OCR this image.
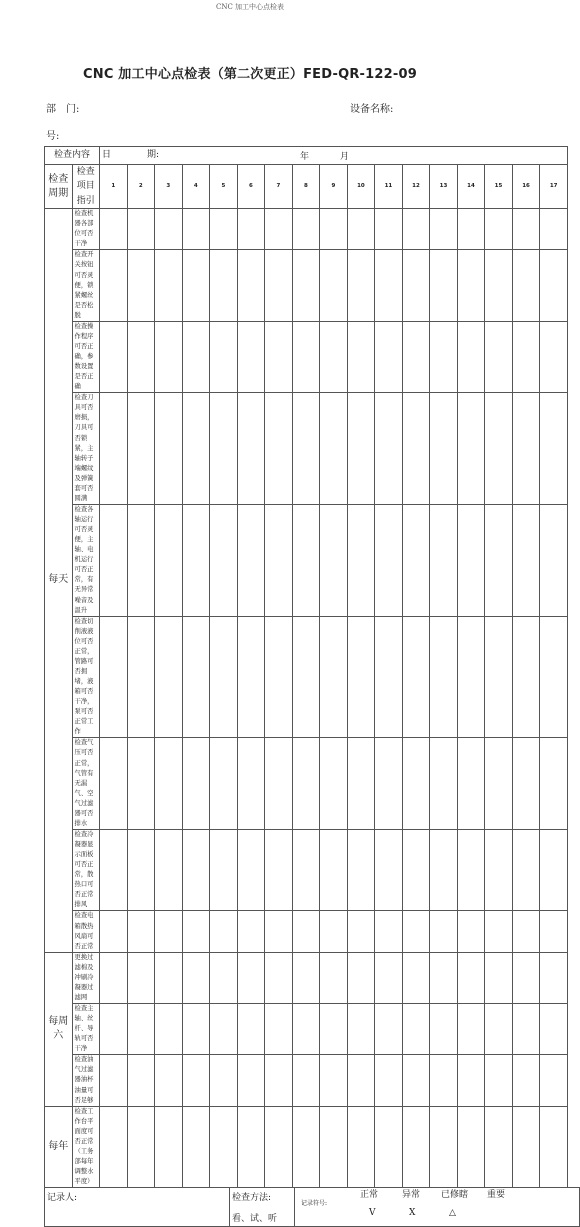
CNC 加工中心点检表
CNC 加工中心点检表（第二次更正）FED-QR-122-09
部　门:	设备名称:
号:
检查内容		日　　　　期: 年 月																

检查周期	检查项目指引	1	2	3	4	5	6	7	8	9	10	11	12	13	14	15	16	17
每天	检查机器各部位可否干净																	
	检查开关按钮可否灵便，锁紧螺丝是否松脱																	
	检查操作程序可否正确，参数设置是否正确																	
	检查刀具可否磨损，刀具可否锁紧，主轴转子端螺纹及弹簧套可否圆满																	
	检查各轴运行可否灵便，主轴、电机运行可否正常，有无异常噪音及温升																	
	检查切削液液位可否正常，管路可否拥堵，液箱可否干净，泵可否正常工作																	
	检查气压可否正常，气管有无漏气、空气过滤器可否排水																	
	检查冷凝器显示面板可否正常，散热口可否正常排风																	
	检查电箱散热风扇可否正常																	
每周六	更换过滤棉及冲刷冷凝器过滤网																	
	检查主轴、丝杆、导轨可否干净																	
	检查油气过滤器油杯油量可否足够																	
每年	检查工作台平面度可否正常（工务部每年调整水平度）																	
记录人:	检查方法:
看、试、听

记录符号:
正常	异常 已修瞎 重要
V	X	△
